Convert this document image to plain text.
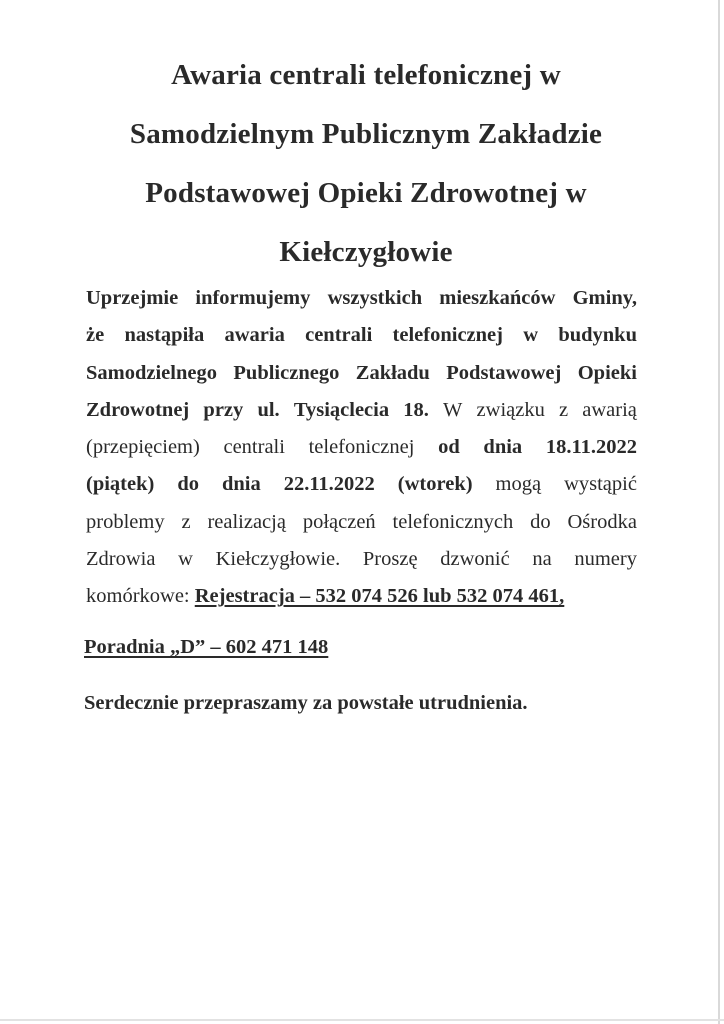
Awaria centrali telefonicznej w
Samodzielnym Publicznym Zakładzie
Podstawowej Opieki Zdrowotnej w
Kiełczygłowie
Uprzejmie informujemy wszystkich mieszkańców Gminy,
że nastąpiła awaria centrali telefonicznej w budynku
Samodzielnego Publicznego Zakładu Podstawowej Opieki
Zdrowotnej przy ul. Tysiąclecia 18. W związku z awarią
(przepięciem) centrali telefonicznej od dnia 18.11.2022
(piątek) do dnia 22.11.2022 (wtorek) mogą wystąpić
problemy z realizacją połączeń telefonicznych do Ośrodka
Zdrowia w Kiełczygłowie. Proszę dzwonić na numery
komórkowe: Rejestracja – 532 074 526 lub 532 074 461,
Poradnia „D” – 602 471 148
Serdecznie przepraszamy za powstałe utrudnienia.
